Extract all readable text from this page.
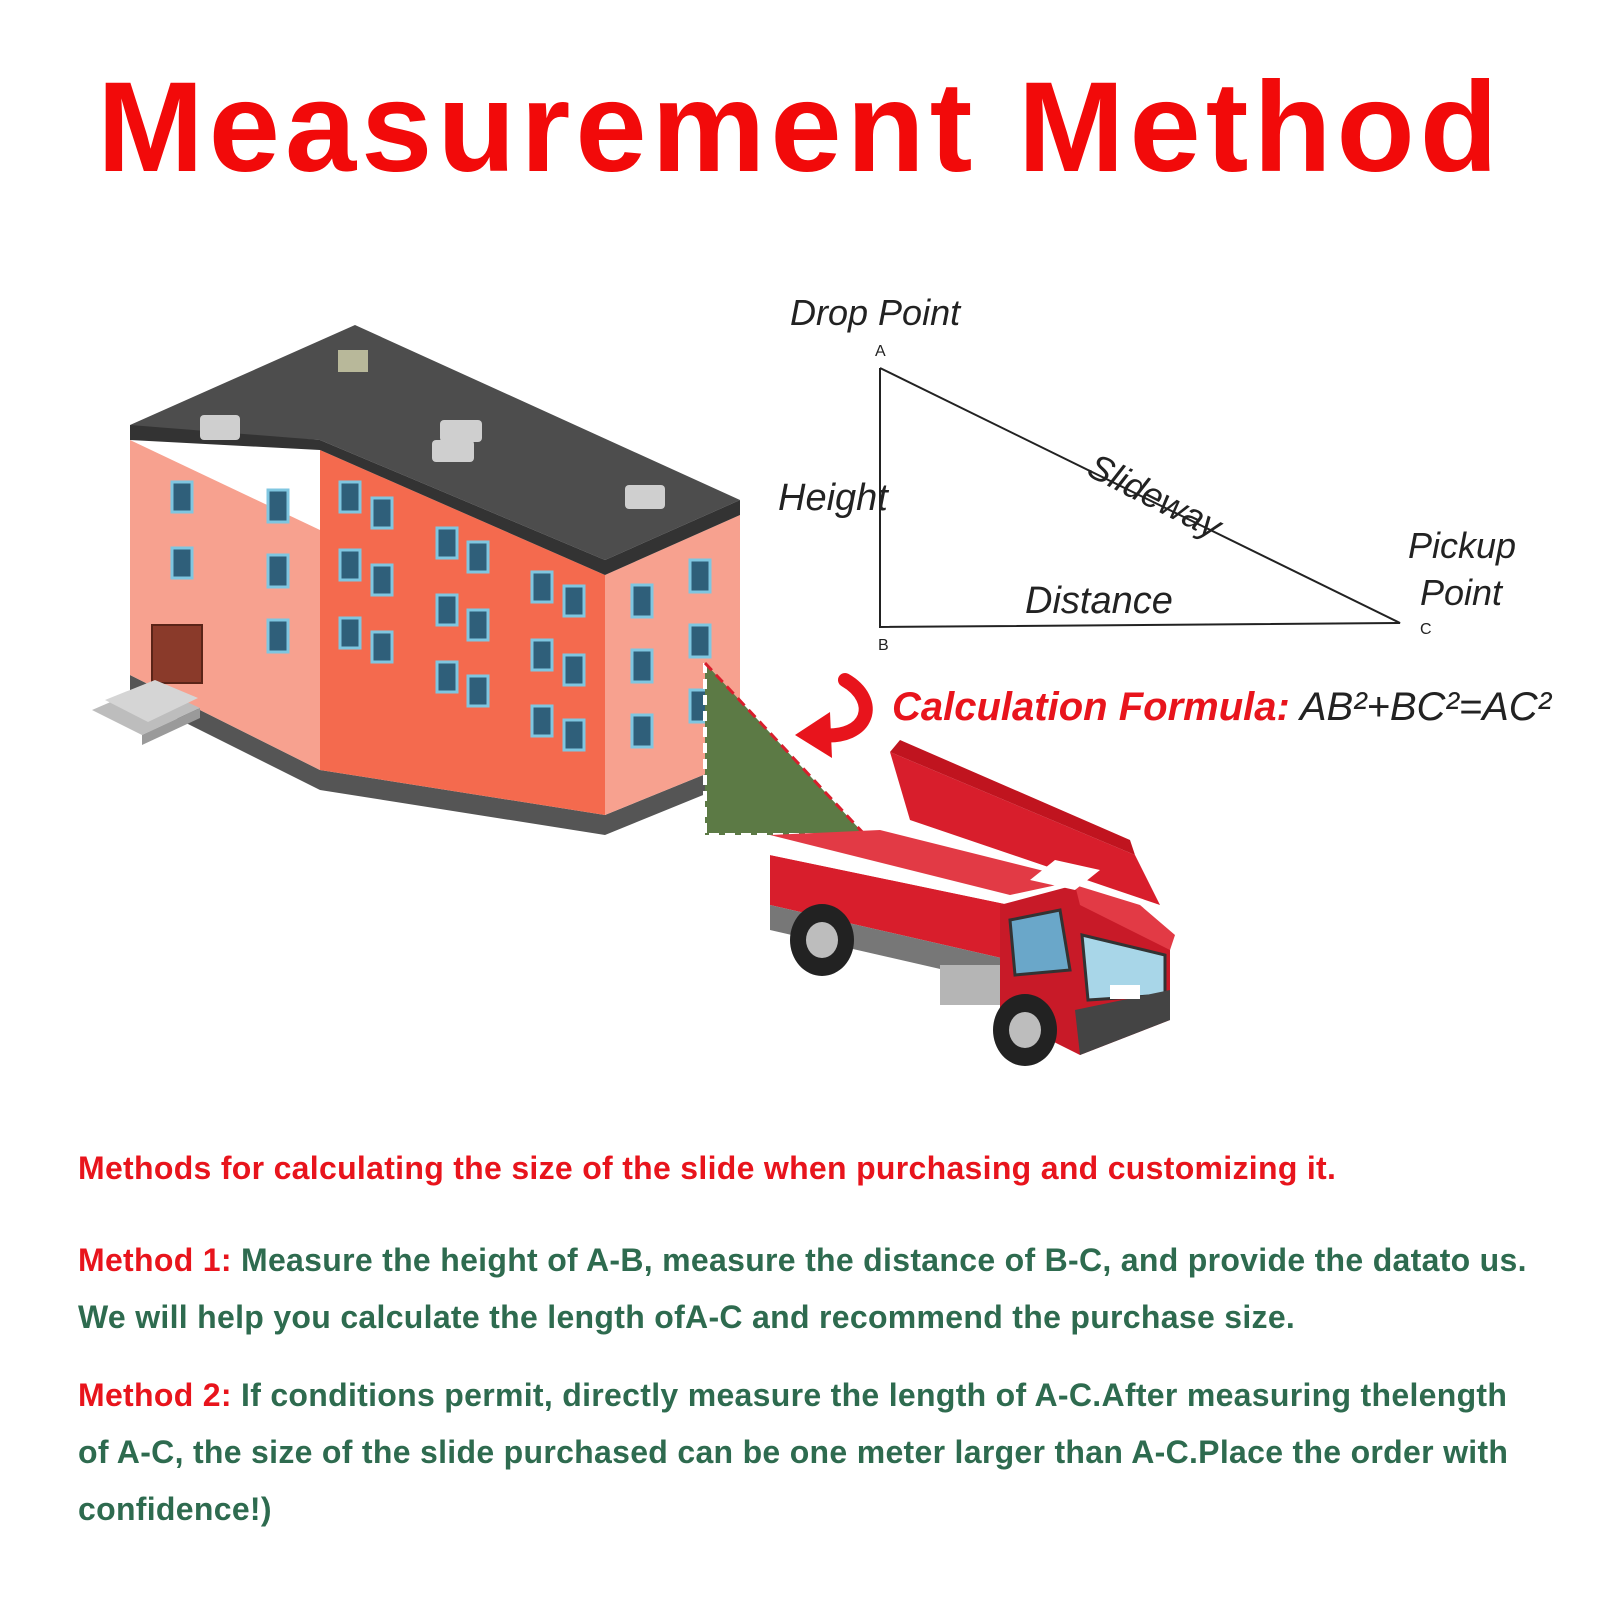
Measurement Method
Drop Point
A
Height	Slideway	Pickup
Point
Distance
B
C
Calculation Formula: AB²+BC²=AC²
Methods for calculating the size of the slide when purchasing and customizing it.
Method 1: Measure the height of A-B, measure the distance of B-C, and provide the datato us. We will help you calculate the length ofA-C and recommend the purchase size.
Method 2: If conditions permit, directly measure the length of A-C.After measuring thelength of A-C, the size of the slide purchased can be one meter larger than A-C.Place the order with confidence!)
